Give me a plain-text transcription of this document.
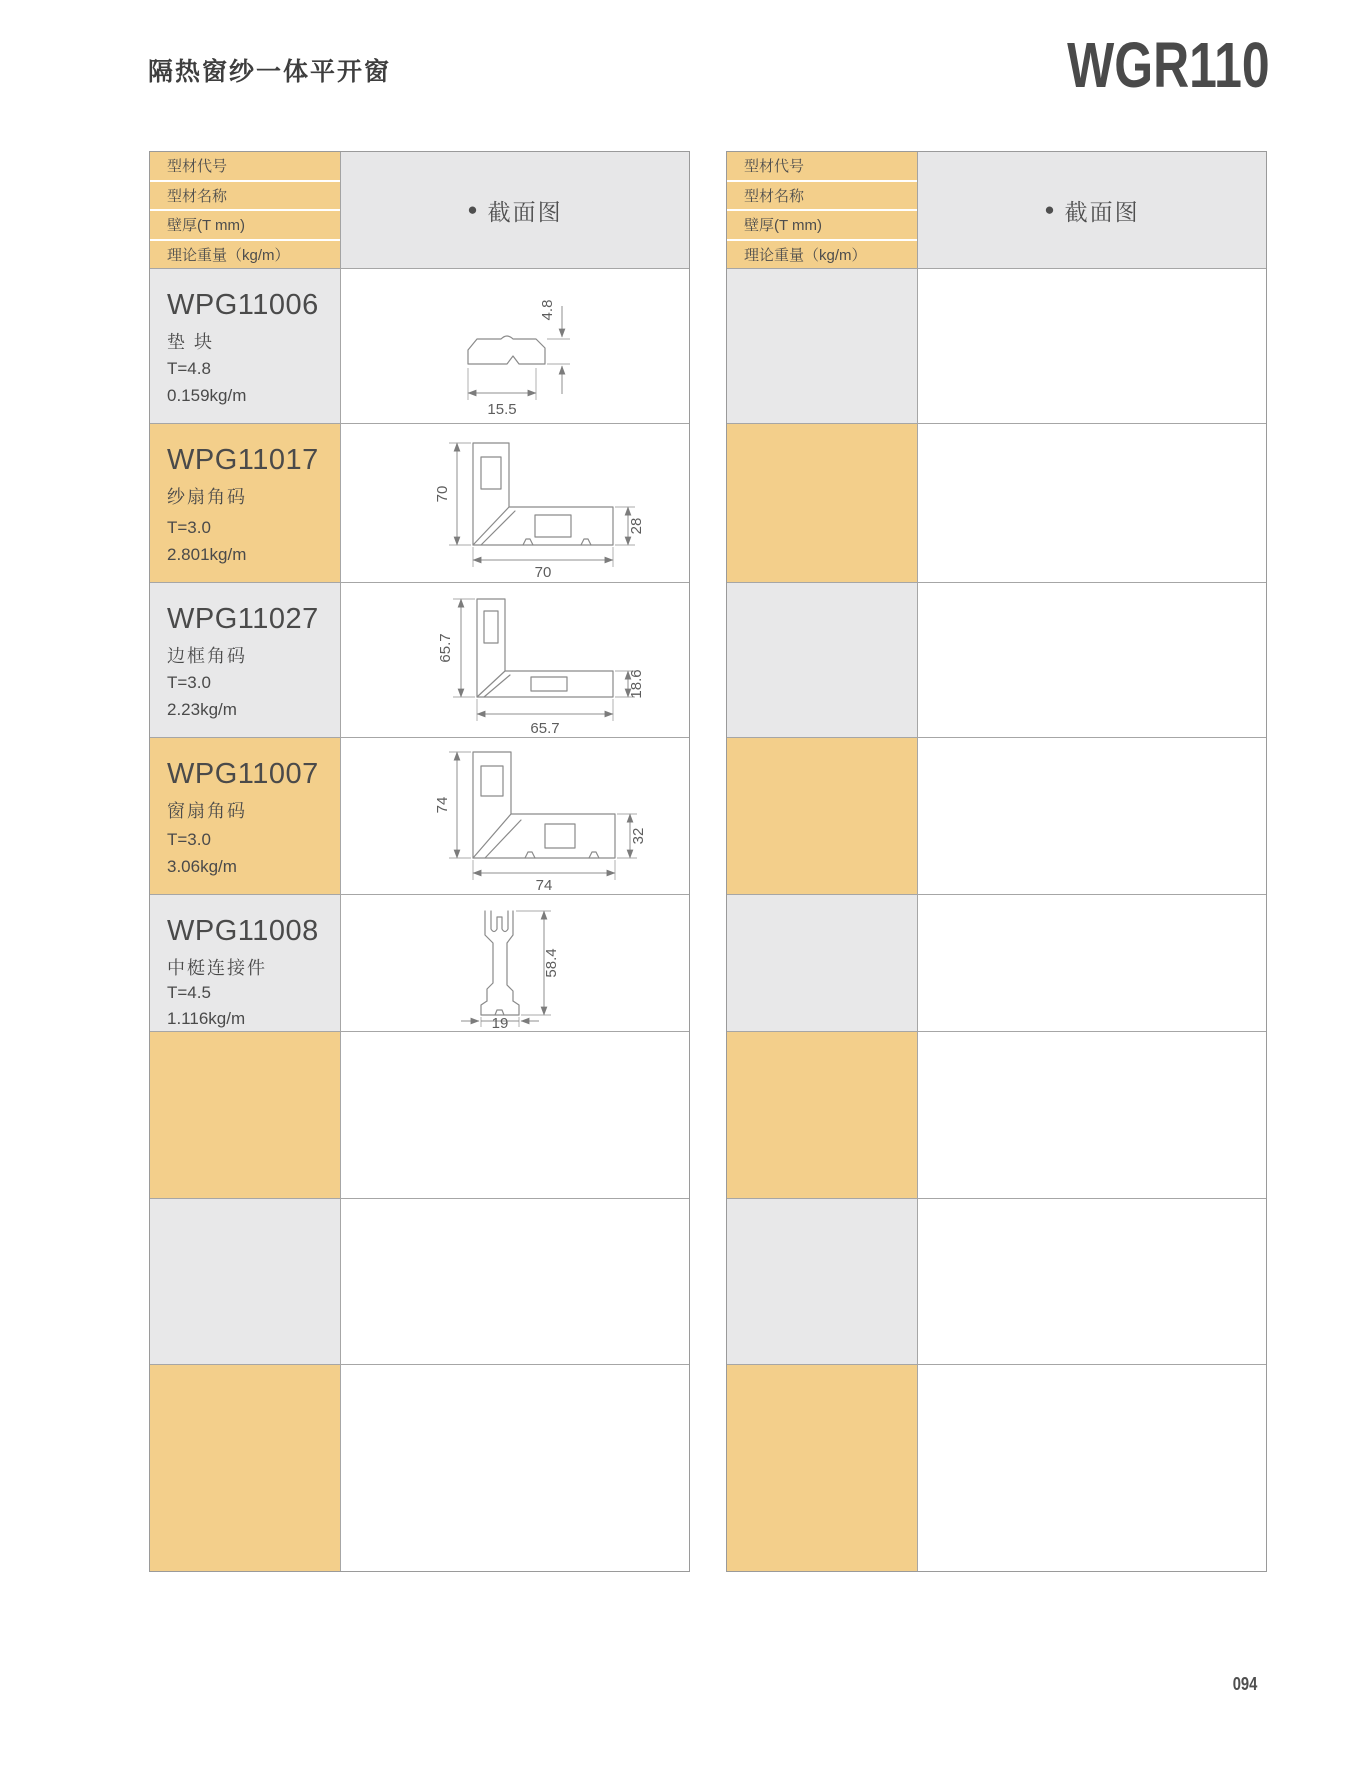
隔热窗纱一体平开窗	WGR110
型材代号
型材名称
壁厚(T mm)
理论重量（kg/m）
● 截面图
WPG11006
垫 块
T=4.8
0.159kg/m
4.8
15.5
WPG11017
纱扇角码
T=3.0
2.801kg/m
70
28
70
WPG11027
边框角码
T=3.0
2.23kg/m
65.7
18.6
65.7
WPG11007
窗扇角码
T=3.0
3.06kg/m
74
32
74
WPG11008
中梃连接件
T=4.5
1.116kg/m
58.4
19
型材代号
型材名称
壁厚(T mm)
理论重量（kg/m）
● 截面图
094
